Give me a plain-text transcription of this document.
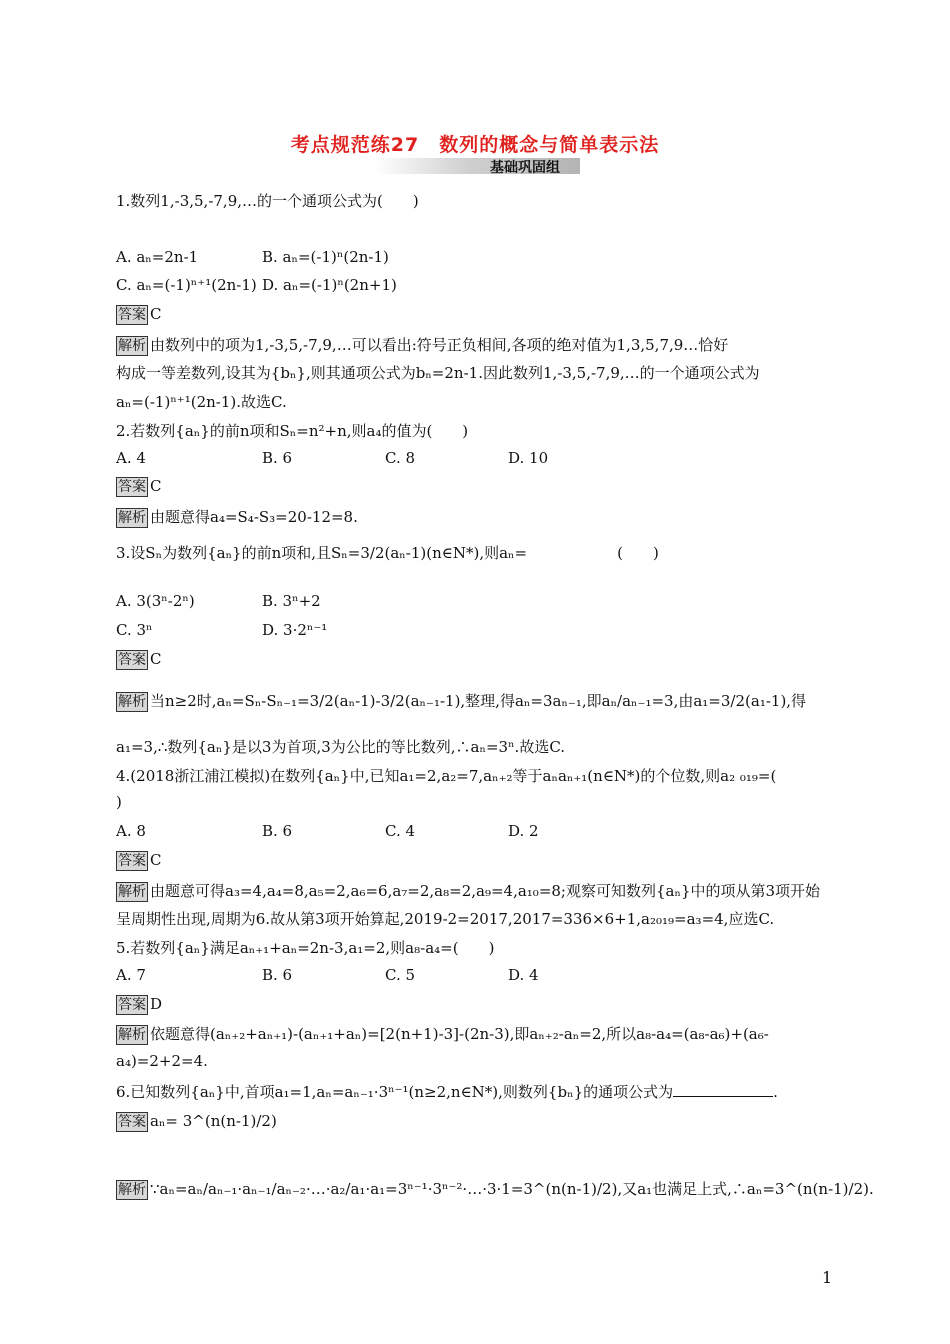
考点规范练27　数列的概念与简单表示法
基础巩固组
1.数列1,-3,5,-7,9,…的一个通项公式为(　　)
A. aₙ=2n-1	B. aₙ=(-1)ⁿ(2n-1)
C. aₙ=(-1)ⁿ⁺¹(2n-1) D. aₙ=(-1)ⁿ(2n+1)
答案 C
解析 由数列中的项为1,-3,5,-7,9,…可以看出:符号正负相间,各项的绝对值为1,3,5,7,9…恰好
构成一等差数列,设其为{bₙ},则其通项公式为bₙ=2n-1.因此数列1,-3,5,-7,9,…的一个通项公式为
aₙ=(-1)ⁿ⁺¹(2n-1).故选C.
2.若数列{aₙ}的前n项和Sₙ=n²+n,则a₄的值为(　　)
A. 4	B. 6	C. 8	D. 10
答案 C
解析 由题意得a₄=S₄-S₃=20-12=8.
3.设Sₙ为数列{aₙ}的前n项和,且Sₙ=3/2(aₙ-1)(n∈N*),则aₙ=　　　　　　(　　)
A. 3(3ⁿ-2ⁿ)	B. 3ⁿ+2
C. 3ⁿ	D. 3·2ⁿ⁻¹
答案 C
解析 当n≥2时,aₙ=Sₙ-Sₙ₋₁=3/2(aₙ-1)-3/2(aₙ₋₁-1),整理,得aₙ=3aₙ₋₁,即aₙ/aₙ₋₁=3,由a₁=3/2(a₁-1),得
a₁=3,∴数列{aₙ}是以3为首项,3为公比的等比数列,∴aₙ=3ⁿ.故选C.
4.(2018浙江浦江模拟)在数列{aₙ}中,已知a₁=2,a₂=7,aₙ₊₂等于aₙaₙ₊₁(n∈N*)的个位数,则a₂ ₀₁₉=(
)
A. 8	B. 6	C. 4	D. 2
答案 C
解析 由题意可得a₃=4,a₄=8,a₅=2,a₆=6,a₇=2,a₈=2,a₉=4,a₁₀=8;观察可知数列{aₙ}中的项从第3项开始
呈周期性出现,周期为6.故从第3项开始算起,2019-2=2017,2017=336×6+1,a₂₀₁₉=a₃=4,应选C.
5.若数列{aₙ}满足aₙ₊₁+aₙ=2n-3,a₁=2,则a₈-a₄=(　　)
A. 7	B. 6	C. 5	D. 4
答案 D
解析 依题意得(aₙ₊₂+aₙ₊₁)-(aₙ₊₁+aₙ)=[2(n+1)-3]-(2n-3),即aₙ₊₂-aₙ=2,所以a₈-a₄=(a₈-a₆)+(a₆-
a₄)=2+2=4.
6.已知数列{aₙ}中,首项a₁=1,aₙ=aₙ₋₁·3ⁿ⁻¹(n≥2,n∈N*),则数列{bₙ}的通项公式为	.
答案 aₙ= 3^(n(n-1)/2)
解析 ∵aₙ=aₙ/aₙ₋₁·aₙ₋₁/aₙ₋₂·…·a₂/a₁·a₁=3ⁿ⁻¹·3ⁿ⁻²·…·3·1=3^(n(n-1)/2),又a₁也满足上式,∴aₙ=3^(n(n-1)/2).
1
